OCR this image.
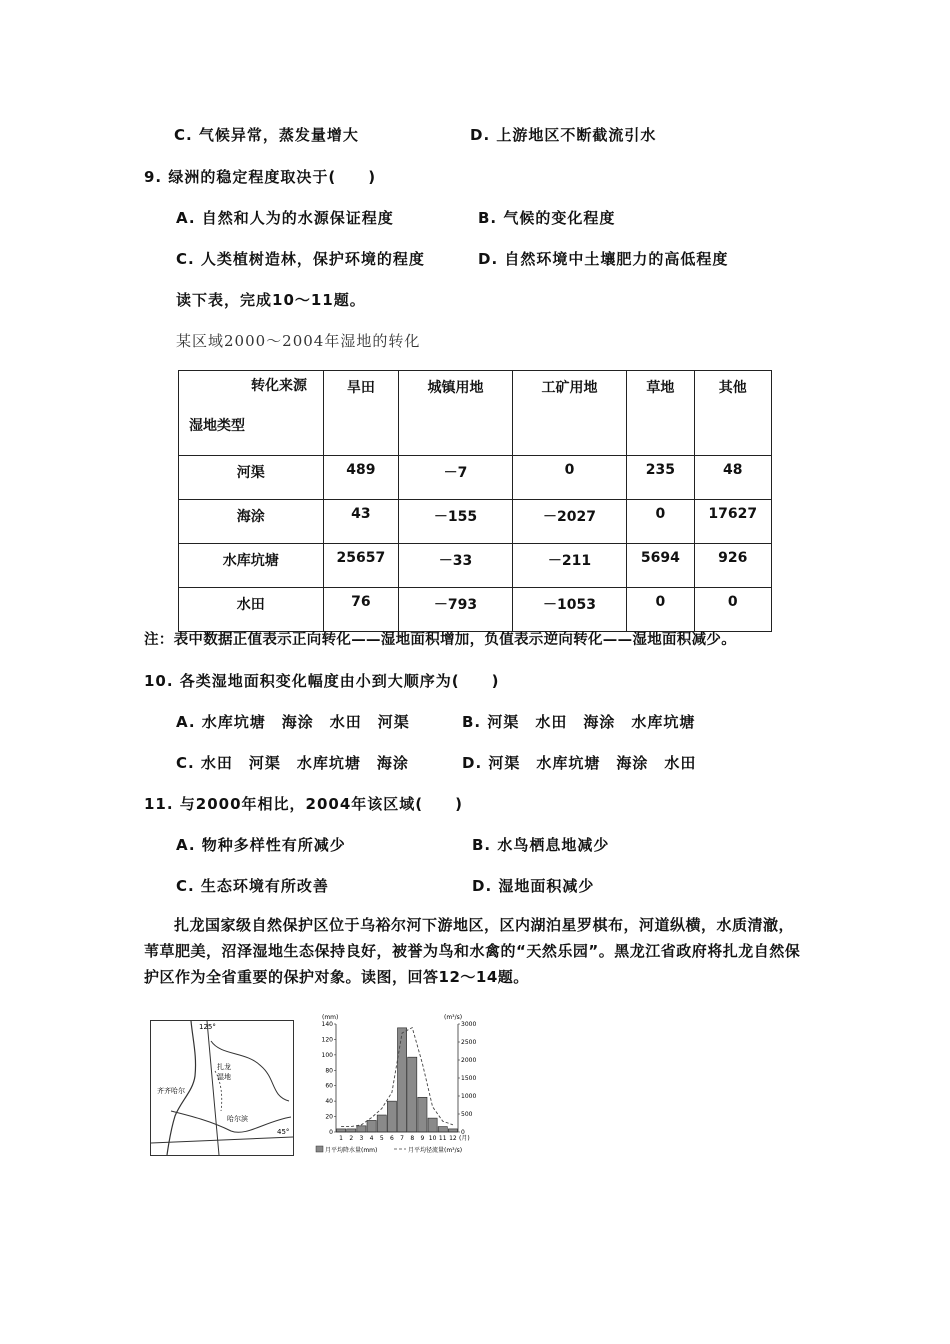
C. 气候异常，蒸发量增大	D. 上游地区不断截流引水
9. 绿洲的稳定程度取决于(　　)
A. 自然和人为的水源保证程度	B. 气候的变化程度
C. 人类植树造林，保护环境的程度	D. 自然环境中土壤肥力的高低程度
读下表，完成10～11题。
某区域2000～2004年湿地的转化
转化来源
湿地类型	旱田	城镇用地	工矿用地	草地	其他
河渠	489	－7	0	235	48
海涂	43	－155	－2027	0	17627
水库坑塘	25657	－33	－211	5694	926
水田	76	－793	－1053	0	0
注：表中数据正值表示正向转化——湿地面积增加，负值表示逆向转化——湿地面积减少。
10. 各类湿地面积变化幅度由小到大顺序为(　　)
A. 水库坑塘　海涂　水田　河渠	B. 河渠　水田　海涂　水库坑塘
C. 水田　河渠　水库坑塘　海涂	D. 河渠　水库坑塘　海涂　水田
11. 与2000年相比，2004年该区域(　　)
A. 物种多样性有所减少	B. 水鸟栖息地减少
C. 生态环境有所改善	D. 湿地面积减少
扎龙国家级自然保护区位于乌裕尔河下游地区，区内湖泊星罗棋布，河道纵横，水质清澈，苇草肥美，沼泽湿地生态保持良好，被誉为鸟和水禽的“天然乐园”。黑龙江省政府将扎龙自然保护区作为全省重要的保护对象。读图，回答12～14题。
齐齐哈尔
扎龙
湿地
哈尔滨
125°
45°	0
20
40
60
80
100
120
140
0
500
1000
1500
2000
2500
3000
1 2 3 4 5 6 7 8 9 10 11 12
(mm)	(m³/s)
(月)
月平均降水量(mm)	月平均径流量(m³/s)
